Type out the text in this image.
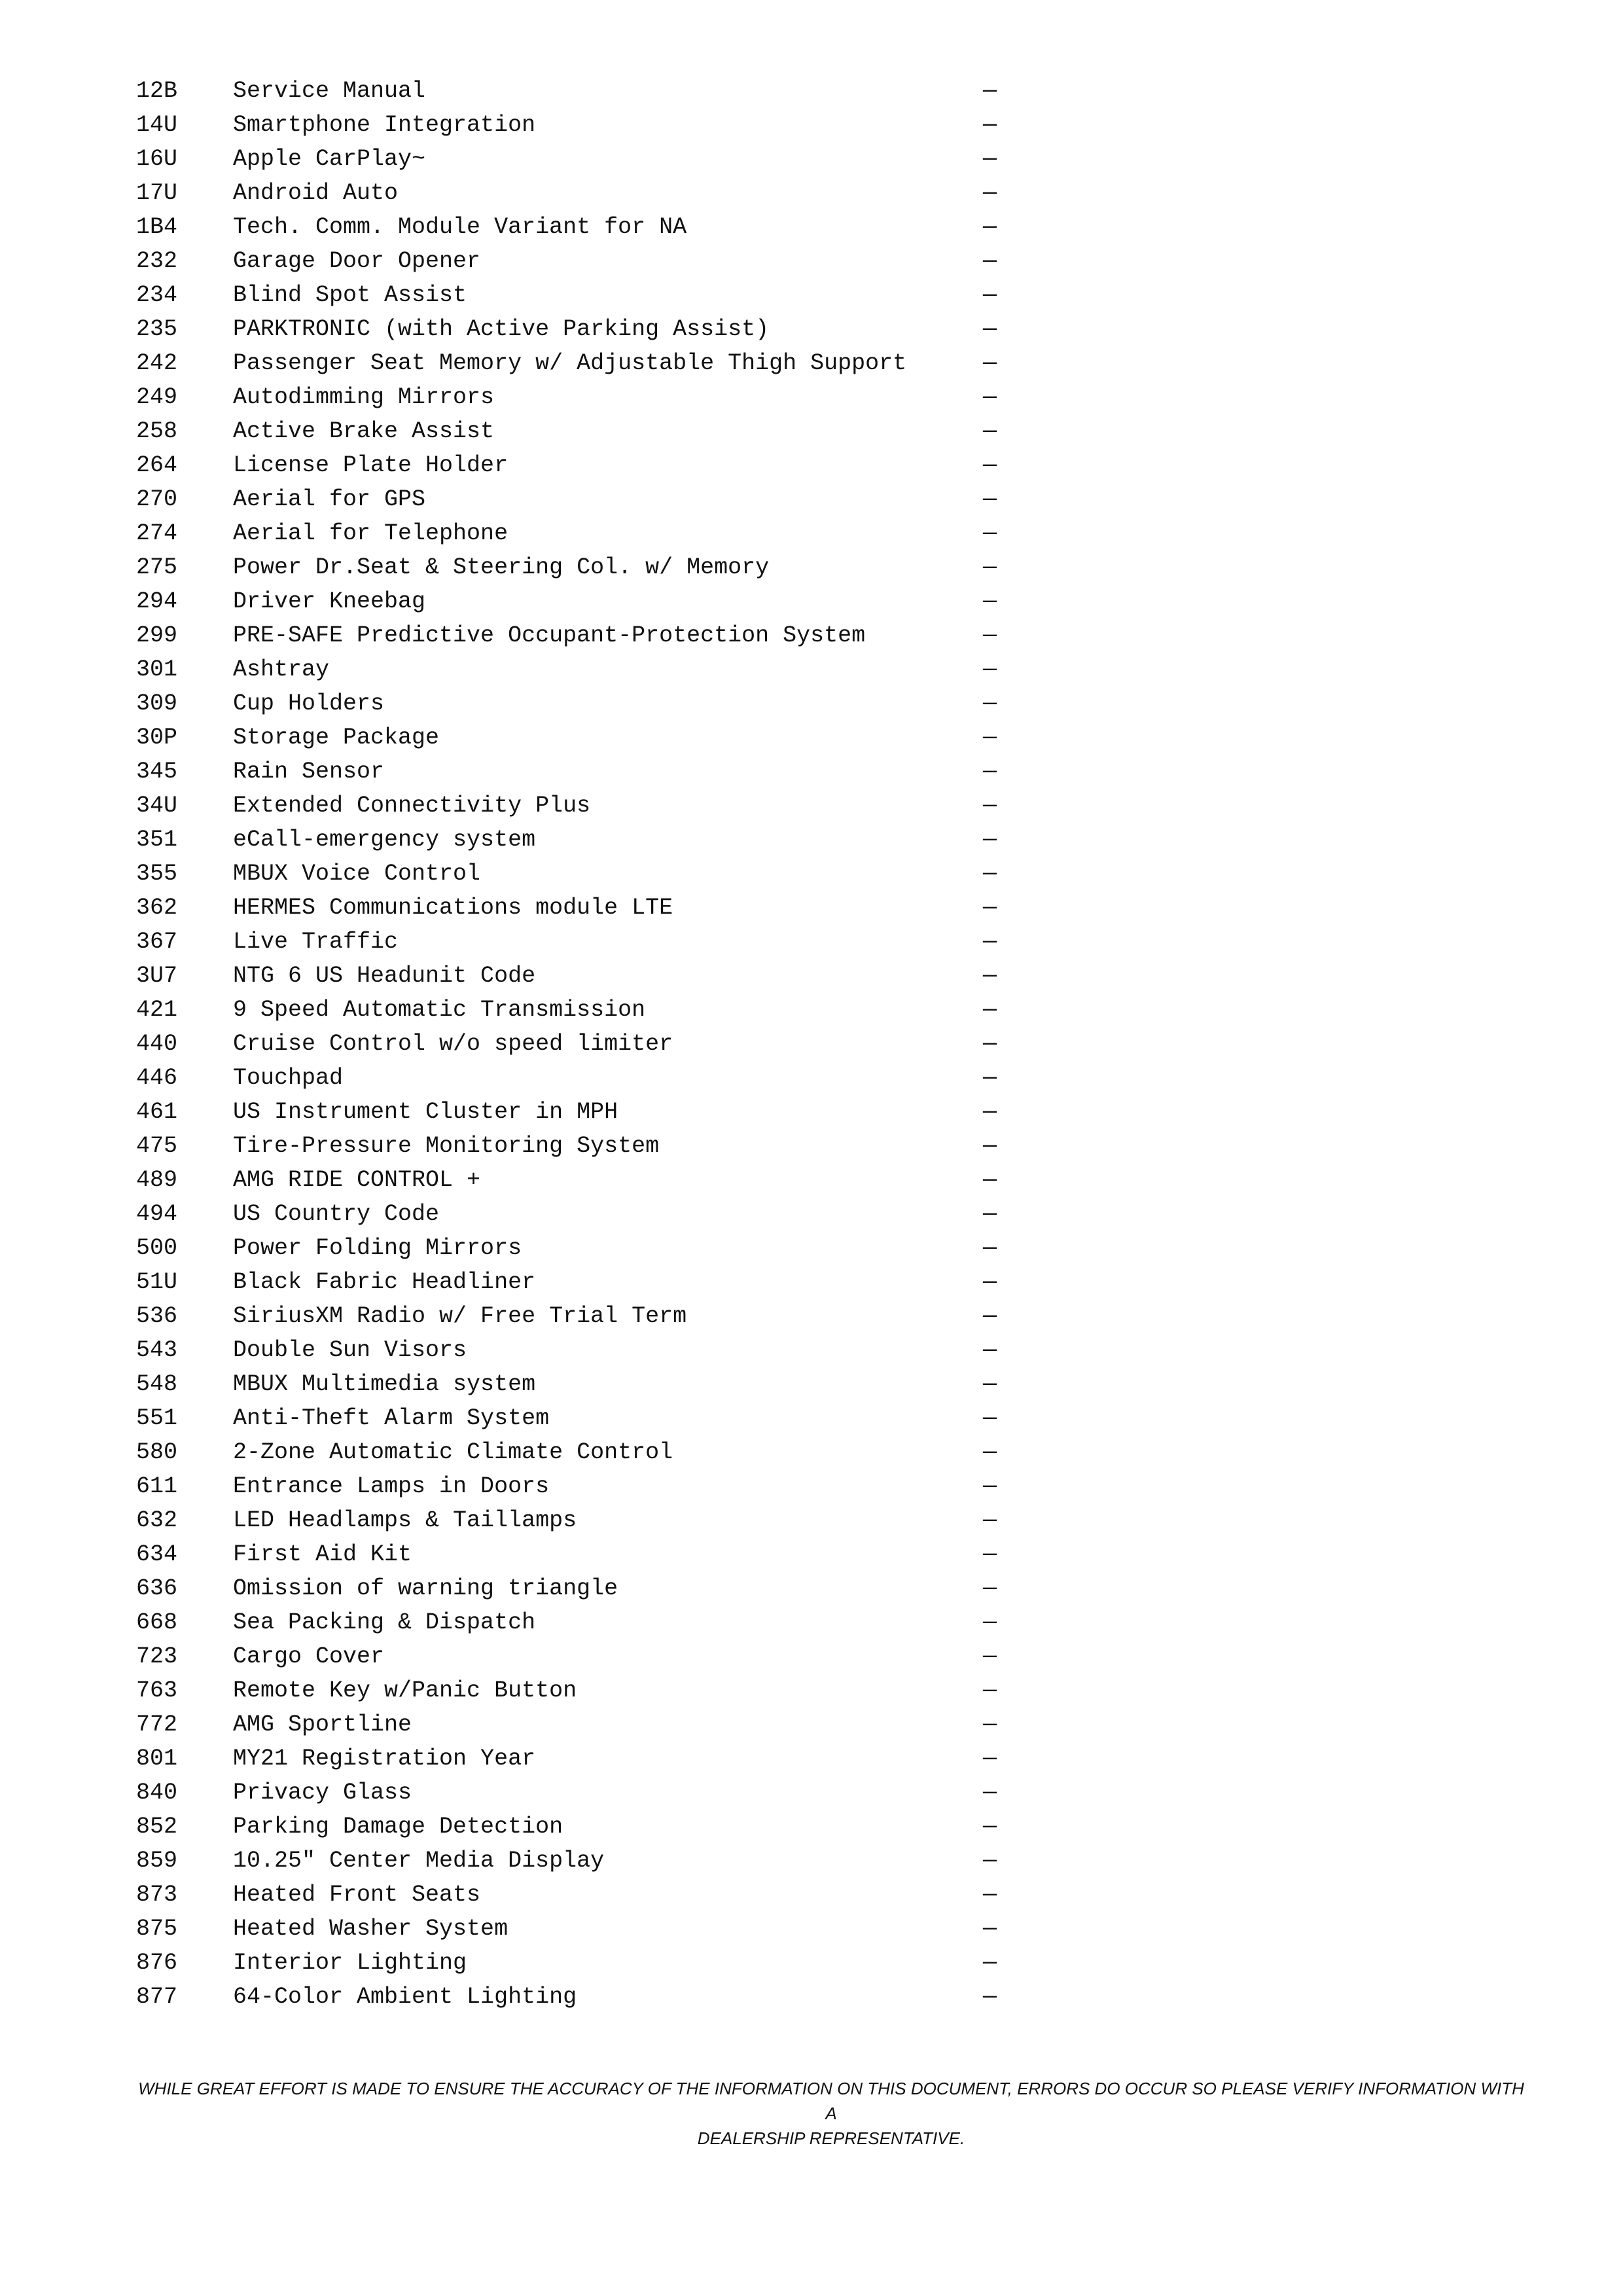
12B Service Manual	—
14U Smartphone Integration	—
16U Apple CarPlay~	—
17U Android Auto	—
1B4 Tech. Comm. Module Variant for NA	—
232 Garage Door Opener	—
234 Blind Spot Assist	—
235 PARKTRONIC (with Active Parking Assist)	—
242 Passenger Seat Memory w/ Adjustable Thigh Support	—
249 Autodimming Mirrors	—
258 Active Brake Assist	—
264 License Plate Holder	—
270 Aerial for GPS	—
274 Aerial for Telephone	—
275 Power Dr.Seat & Steering Col. w/ Memory	—
294 Driver Kneebag	—
299 PRE-SAFE Predictive Occupant-Protection System	—
301 Ashtray	—
309 Cup Holders	—
30P Storage Package	—
345 Rain Sensor	—
34U Extended Connectivity Plus	—
351 eCall-emergency system	—
355 MBUX Voice Control	—
362 HERMES Communications module LTE	—
367 Live Traffic	—
3U7 NTG 6 US Headunit Code	—
421 9 Speed Automatic Transmission	—
440 Cruise Control w/o speed limiter	—
446 Touchpad	—
461 US Instrument Cluster in MPH	—
475 Tire-Pressure Monitoring System	—
489 AMG RIDE CONTROL +	—
494 US Country Code	—
500 Power Folding Mirrors	—
51U Black Fabric Headliner	—
536 SiriusXM Radio w/ Free Trial Term	—
543 Double Sun Visors	—
548 MBUX Multimedia system	—
551 Anti-Theft Alarm System	—
580 2-Zone Automatic Climate Control	—
611 Entrance Lamps in Doors	—
632 LED Headlamps & Taillamps	—
634 First Aid Kit	—
636 Omission of warning triangle	—
668 Sea Packing & Dispatch	—
723 Cargo Cover	—
763 Remote Key w/Panic Button	—
772 AMG Sportline	—
801 MY21 Registration Year	—
840 Privacy Glass	—
852 Parking Damage Detection	—
859 10.25" Center Media Display	—
873 Heated Front Seats	—
875 Heated Washer System	—
876 Interior Lighting	—
877 64-Color Ambient Lighting	—
WHILE GREAT EFFORT IS MADE TO ENSURE THE ACCURACY OF THE INFORMATION ON THIS DOCUMENT, ERRORS DO OCCUR SO PLEASE VERIFY INFORMATION WITH A
DEALERSHIP REPRESENTATIVE.
